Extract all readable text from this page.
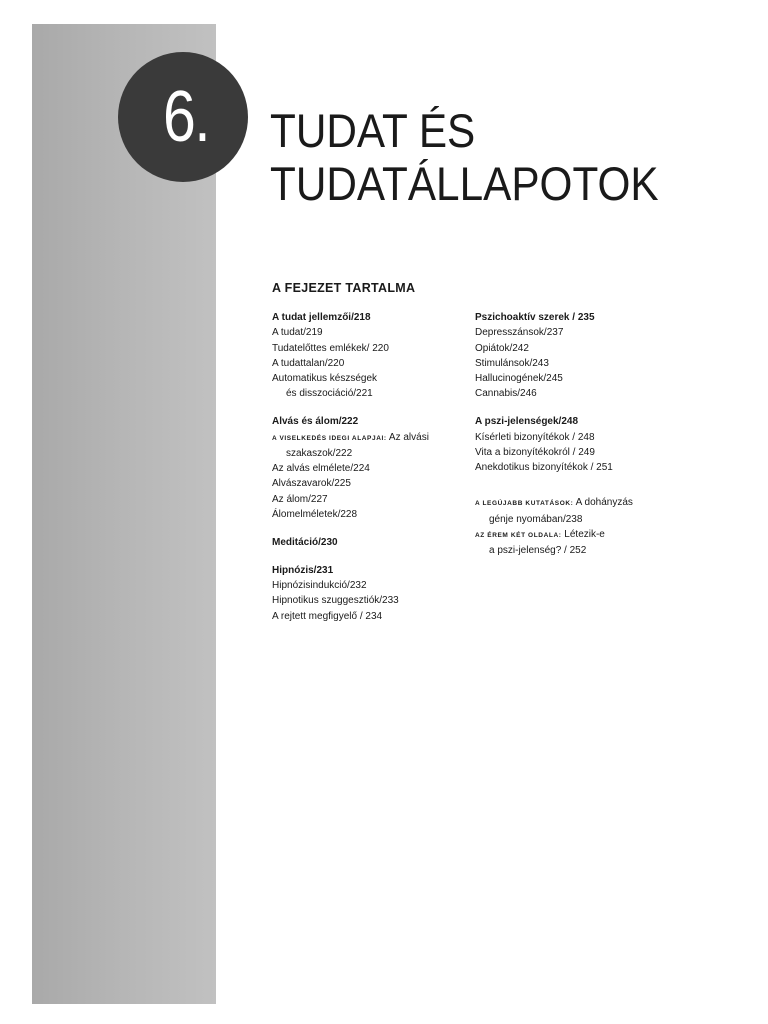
6. TUDAT ÉS
TUDATÁLLAPOTOK
A FEJEZET TARTALMA
A tudat jellemzői/218
A tudat/219
Tudatelőttes emlékek/ 220
A tudattalan/220
Automatikus készségek
és disszociáció/221
Alvás és álom/222
A VISELKEDÉS IDEGI ALAPJAI: Az alvási
szakaszok/222
Az alvás elmélete/224
Alvászavarok/225
Az álom/227
Álomelméletek/228
Meditáció/230
Hipnózis/231
Hipnózisindukció/232
Hipnotikus szuggesztiók/233
A rejtett megfigyelő / 234
Pszichoaktív szerek / 235
Depresszánsok/237
Opiátok/242
Stimulánsok/243
Hallucinogének/245
Cannabis/246
A pszi-jelenségek/248
Kísérleti bizonyítékok / 248
Vita a bizonyítékokról / 249
Anekdotikus bizonyítékok / 251
A LEGÚJABB KUTATÁSOK: A dohányzás
génje nyomában/238
AZ ÉREM KÉT OLDALA: Létezik-e
a pszi-jelenség? / 252
